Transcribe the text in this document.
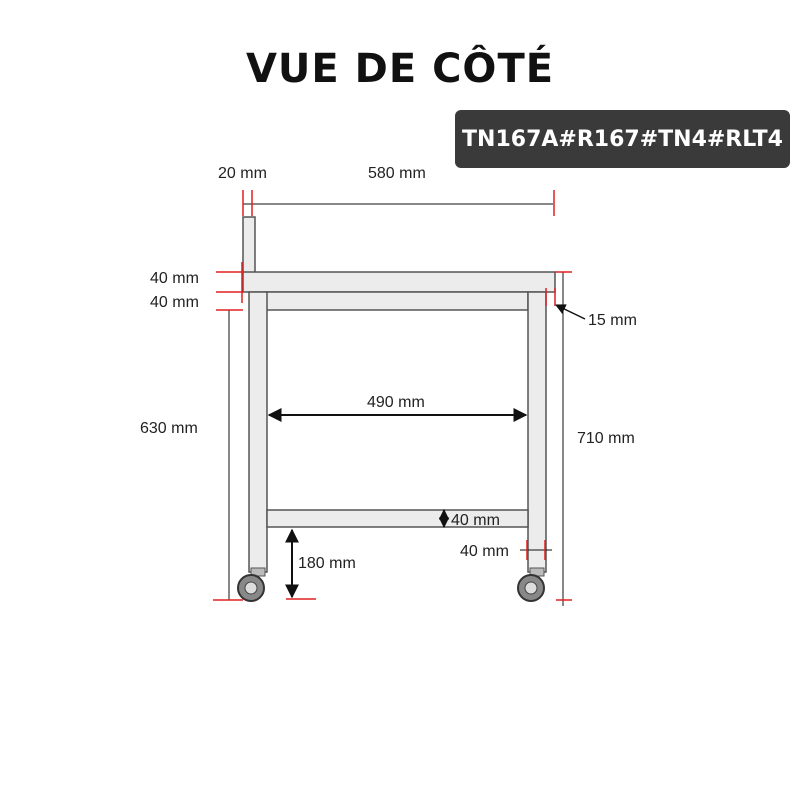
VUE DE CÔTÉ
TN167A#R167#TN4#RLT4
20 mm	580 mm
40 mm
40 mm
15 mm
490 mm
630 mm
710 mm
40 mm
40 mm
180 mm
